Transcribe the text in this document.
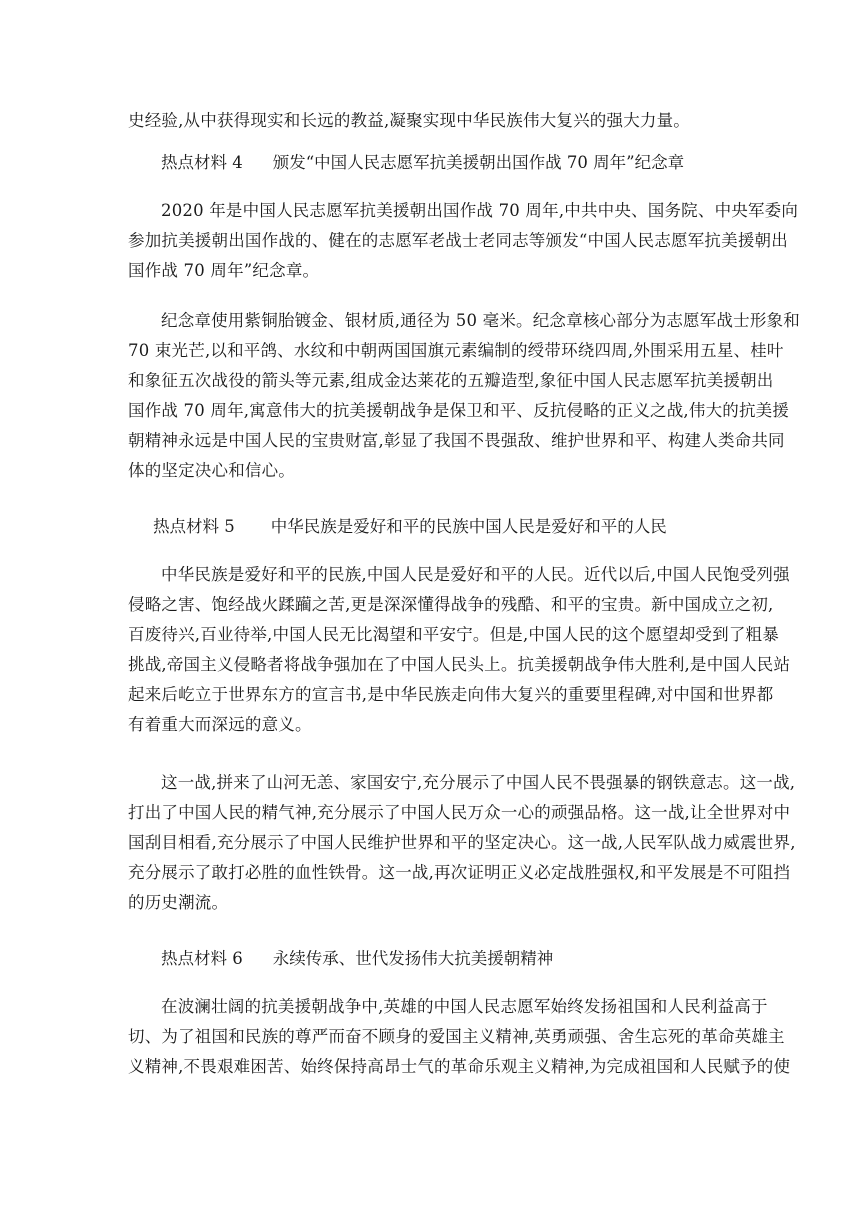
史经验,从中获得现实和长远的教益,凝聚实现中华民族伟大复兴的强大力量。
热点材料 4 颁发“中国人民志愿军抗美援朝出国作战 70 周年”纪念章
2020 年是中国人民志愿军抗美援朝出国作战 70 周年,中共中央、国务院、中央军委向
参加抗美援朝出国作战的、健在的志愿军老战士老同志等颁发“中国人民志愿军抗美援朝出
国作战 70 周年”纪念章。
纪念章使用紫铜胎镀金、银材质,通径为 50 毫米。纪念章核心部分为志愿军战士形象和
70 束光芒,以和平鸽、水纹和中朝两国国旗元素编制的绶带环绕四周,外围采用五星、桂叶
和象征五次战役的箭头等元素,组成金达莱花的五瓣造型,象征中国人民志愿军抗美援朝出
国作战 70 周年,寓意伟大的抗美援朝战争是保卫和平、反抗侵略的正义之战,伟大的抗美援
朝精神永远是中国人民的宝贵财富,彰显了我国不畏强敌、维护世界和平、构建人类命共同
体的坚定决心和信心。
热点材料 5 中华民族是爱好和平的民族中国人民是爱好和平的人民
中华民族是爱好和平的民族,中国人民是爱好和平的人民。近代以后,中国人民饱受列强
侵略之害、饱经战火蹂躏之苦,更是深深懂得战争的残酷、和平的宝贵。新中国成立之初,
百废待兴,百业待举,中国人民无比渴望和平安宁。但是,中国人民的这个愿望却受到了粗暴
挑战,帝国主义侵略者将战争强加在了中国人民头上。抗美援朝战争伟大胜利,是中国人民站
起来后屹立于世界东方的宣言书,是中华民族走向伟大复兴的重要里程碑,对中国和世界都
有着重大而深远的意义。
这一战,拼来了山河无恙、家国安宁,充分展示了中国人民不畏强暴的钢铁意志。这一战,
打出了中国人民的精气神,充分展示了中国人民万众一心的顽强品格。这一战,让全世界对中
国刮目相看,充分展示了中国人民维护世界和平的坚定决心。这一战,人民军队战力威震世界,
充分展示了敢打必胜的血性铁骨。这一战,再次证明正义必定战胜强权,和平发展是不可阻挡
的历史潮流。
热点材料 6 永续传承、世代发扬伟大抗美援朝精神
在波澜壮阔的抗美援朝战争中,英雄的中国人民志愿军始终发扬祖国和人民利益高于
切、为了祖国和民族的尊严而奋不顾身的爱国主义精神,英勇顽强、舍生忘死的革命英雄主
义精神,不畏艰难困苦、始终保持高昂士气的革命乐观主义精神,为完成祖国和人民赋予的使
